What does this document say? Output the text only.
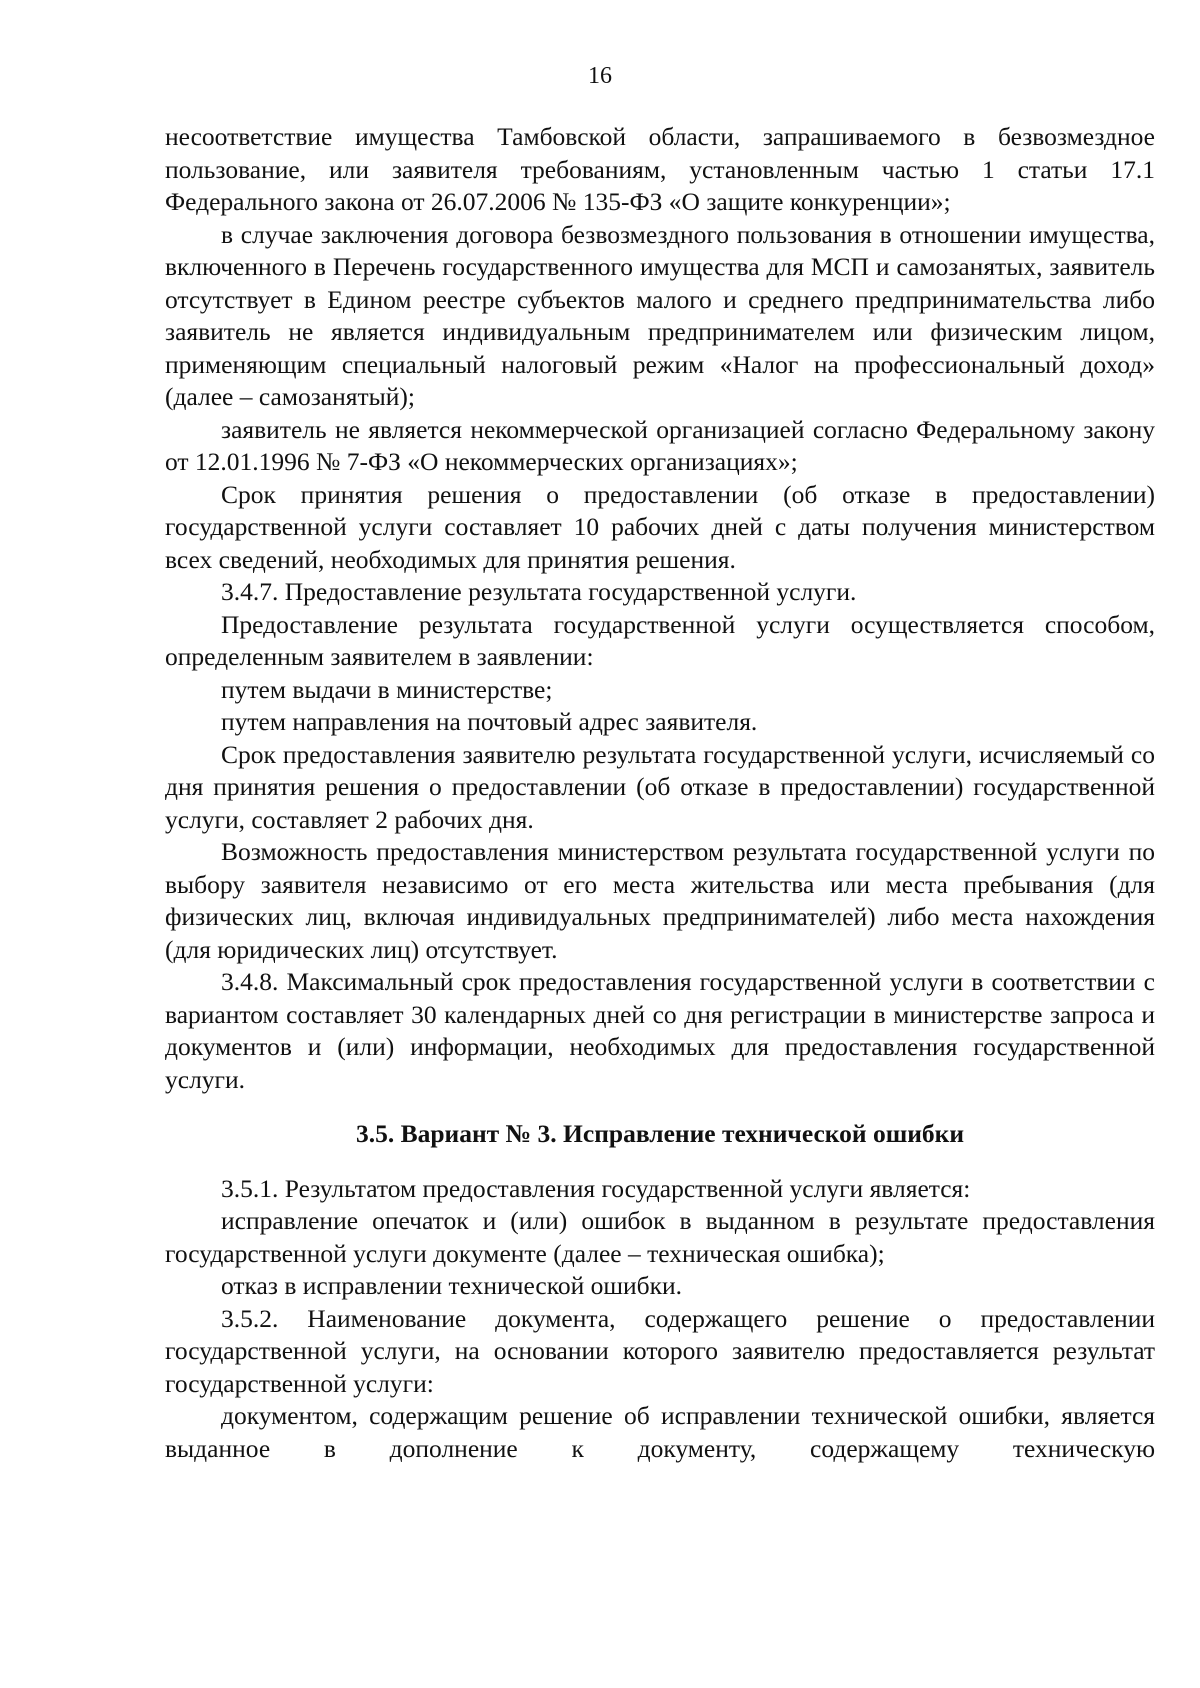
16

несоответствие имущества Тамбовской области, запрашиваемого в безвозмездное пользование, или заявителя требованиям, установленным частью 1 статьи 17.1 Федерального закона от 26.07.2006 № 135-ФЗ «О защите конкуренции»;

в случае заключения договора безвозмездного пользования в отношении имущества, включенного в Перечень государственного имущества для МСП и самозанятых, заявитель отсутствует в Едином реестре субъектов малого и среднего предпринимательства либо заявитель не является индивидуальным предпринимателем или физическим лицом, применяющим специальный налоговый режим «Налог на профессиональный доход» (далее – самозанятый);

заявитель не является некоммерческой организацией согласно Федеральному закону от 12.01.1996 № 7-ФЗ «О некоммерческих организациях»;

Срок принятия решения о предоставлении (об отказе в предоставлении) государственной услуги составляет 10 рабочих дней с даты получения министерством всех сведений, необходимых для принятия решения.

3.4.7. Предоставление результата государственной услуги.

Предоставление результата государственной услуги осуществляется способом, определенным заявителем в заявлении:

путем выдачи в министерстве;

путем направления на почтовый адрес заявителя.

Срок предоставления заявителю результата государственной услуги, исчисляемый со дня принятия решения о предоставлении (об отказе в предоставлении) государственной услуги, составляет 2 рабочих дня.

Возможность предоставления министерством результата государственной услуги по выбору заявителя независимо от его места жительства или места пребывания (для физических лиц, включая индивидуальных предпринимателей) либо места нахождения (для юридических лиц) отсутствует.

3.4.8. Максимальный срок предоставления государственной услуги в соответствии с вариантом составляет 30 календарных дней со дня регистрации в министерстве запроса и документов и (или) информации, необходимых для предоставления государственной услуги.

3.5. Вариант № 3. Исправление технической ошибки

3.5.1. Результатом предоставления государственной услуги является:

исправление опечаток и (или) ошибок в выданном в результате предоставления государственной услуги документе (далее – техническая ошибка);

отказ в исправлении технической ошибки.

3.5.2. Наименование документа, содержащего решение о предоставлении государственной услуги, на основании которого заявителю предоставляется результат государственной услуги:

документом, содержащим решение об исправлении технической ошибки, является выданное в дополнение к документу, содержащему техническую
